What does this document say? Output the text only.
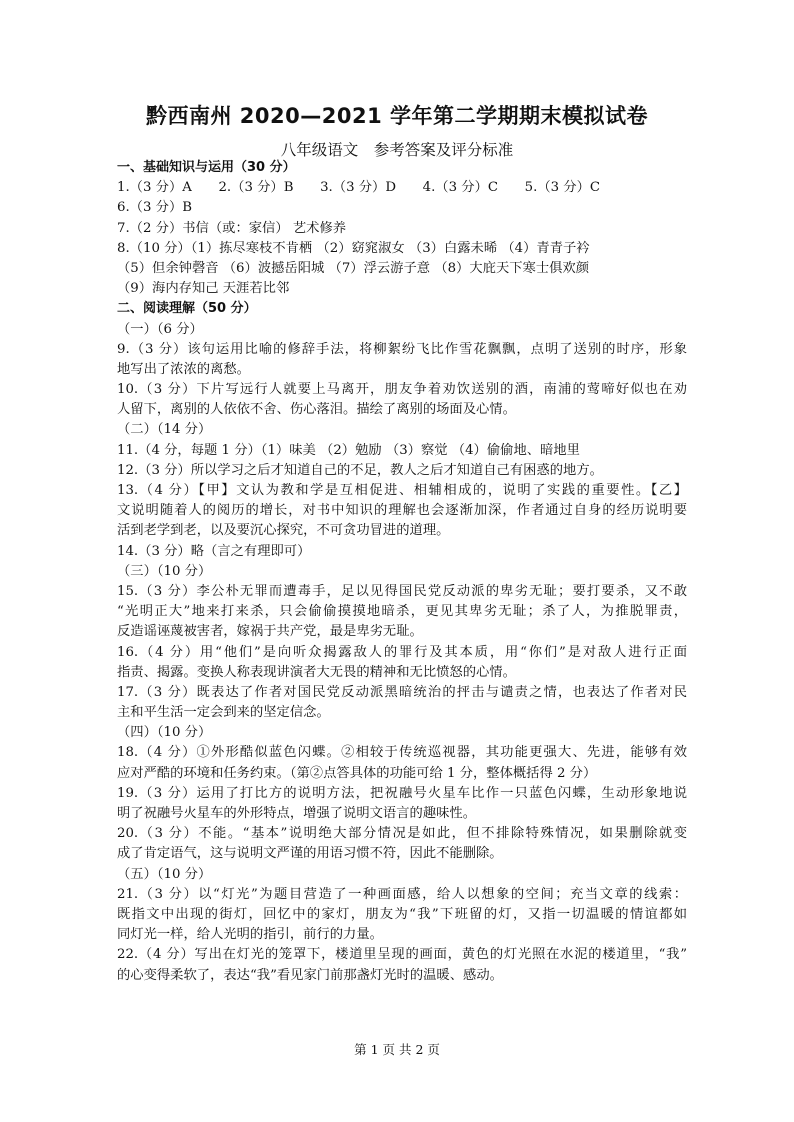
黔西南州 2020—2021 学年第二学期期末模拟试卷
八年级语文　参考答案及评分标准
一、基础知识与运用（30 分）
1.（3 分）A　　2.（3 分）B　　3.（3 分）D　　4.（3 分）C　　5.（3 分）C
6.（3 分）B
7.（2 分）书信（或：家信） 艺术修养
8.（10 分）（1）拣尽寒枝不肯栖 （2）窈窕淑女 （3）白露未晞 （4）青青子衿
（5）但余钟磬音 （6）波撼岳阳城 （7）浮云游子意 （8）大庇天下寒士俱欢颜
（9）海内存知己 天涯若比邻
二、阅读理解（50 分）
（一）（6 分）
9.（3 分）该句运用比喻的修辞手法，将柳絮纷飞比作雪花飘飘，点明了送别的时序，形象
地写出了浓浓的离愁。
10.（3 分）下片写远行人就要上马离开，朋友争着劝饮送别的酒，南浦的莺啼好似也在劝
人留下，离别的人依依不舍、伤心落泪。描绘了离别的场面及心情。
（二）（14 分）
11.（4 分，每题 1 分）（1）味美 （2）勉励 （3）察觉 （4）偷偷地、暗地里
12.（3 分）所以学习之后才知道自己的不足，教人之后才知道自己有困惑的地方。
13.（4 分）【甲】文认为教和学是互相促进、相辅相成的，说明了实践的重要性。【乙】
文说明随着人的阅历的增长，对书中知识的理解也会逐渐加深，作者通过自身的经历说明要
活到老学到老，以及要沉心探究，不可贪功冒进的道理。
14.（3 分）略（言之有理即可）
（三）（10 分）
15.（3 分）李公朴无罪而遭毒手，足以见得国民党反动派的卑劣无耻；要打要杀，又不敢
“光明正大”地来打来杀，只会偷偷摸摸地暗杀，更见其卑劣无耻；杀了人，为推脱罪责，
反造谣诬蔑被害者，嫁祸于共产党，最是卑劣无耻。
16.（4 分）用“他们”是向听众揭露敌人的罪行及其本质，用“你们”是对敌人进行正面
指责、揭露。变换人称表现讲演者大无畏的精神和无比愤怒的心情。
17.（3 分）既表达了作者对国民党反动派黑暗统治的抨击与谴责之情，也表达了作者对民
主和平生活一定会到来的坚定信念。
（四）（10 分）
18.（4 分）①外形酷似蓝色闪蝶。②相较于传统巡视器，其功能更强大、先进，能够有效
应对严酷的环境和任务约束。（第②点答具体的功能可给 1 分，整体概括得 2 分）
19.（3 分）运用了打比方的说明方法，把祝融号火星车比作一只蓝色闪蝶，生动形象地说
明了祝融号火星车的外形特点，增强了说明文语言的趣味性。
20.（3 分）不能。“基本”说明绝大部分情况是如此，但不排除特殊情况，如果删除就变
成了肯定语气，这与说明文严谨的用语习惯不符，因此不能删除。
（五）（10 分）
21.（3 分）以“灯光”为题目营造了一种画面感，给人以想象的空间；充当文章的线索：
既指文中出现的街灯，回忆中的家灯，朋友为“我”下班留的灯，又指一切温暖的情谊都如
同灯光一样，给人光明的指引，前行的力量。
22.（4 分）写出在灯光的笼罩下，楼道里呈现的画面，黄色的灯光照在水泥的楼道里，“我”
的心变得柔软了，表达“我”看见家门前那盏灯光时的温暖、感动。
第 1 页 共 2 页
